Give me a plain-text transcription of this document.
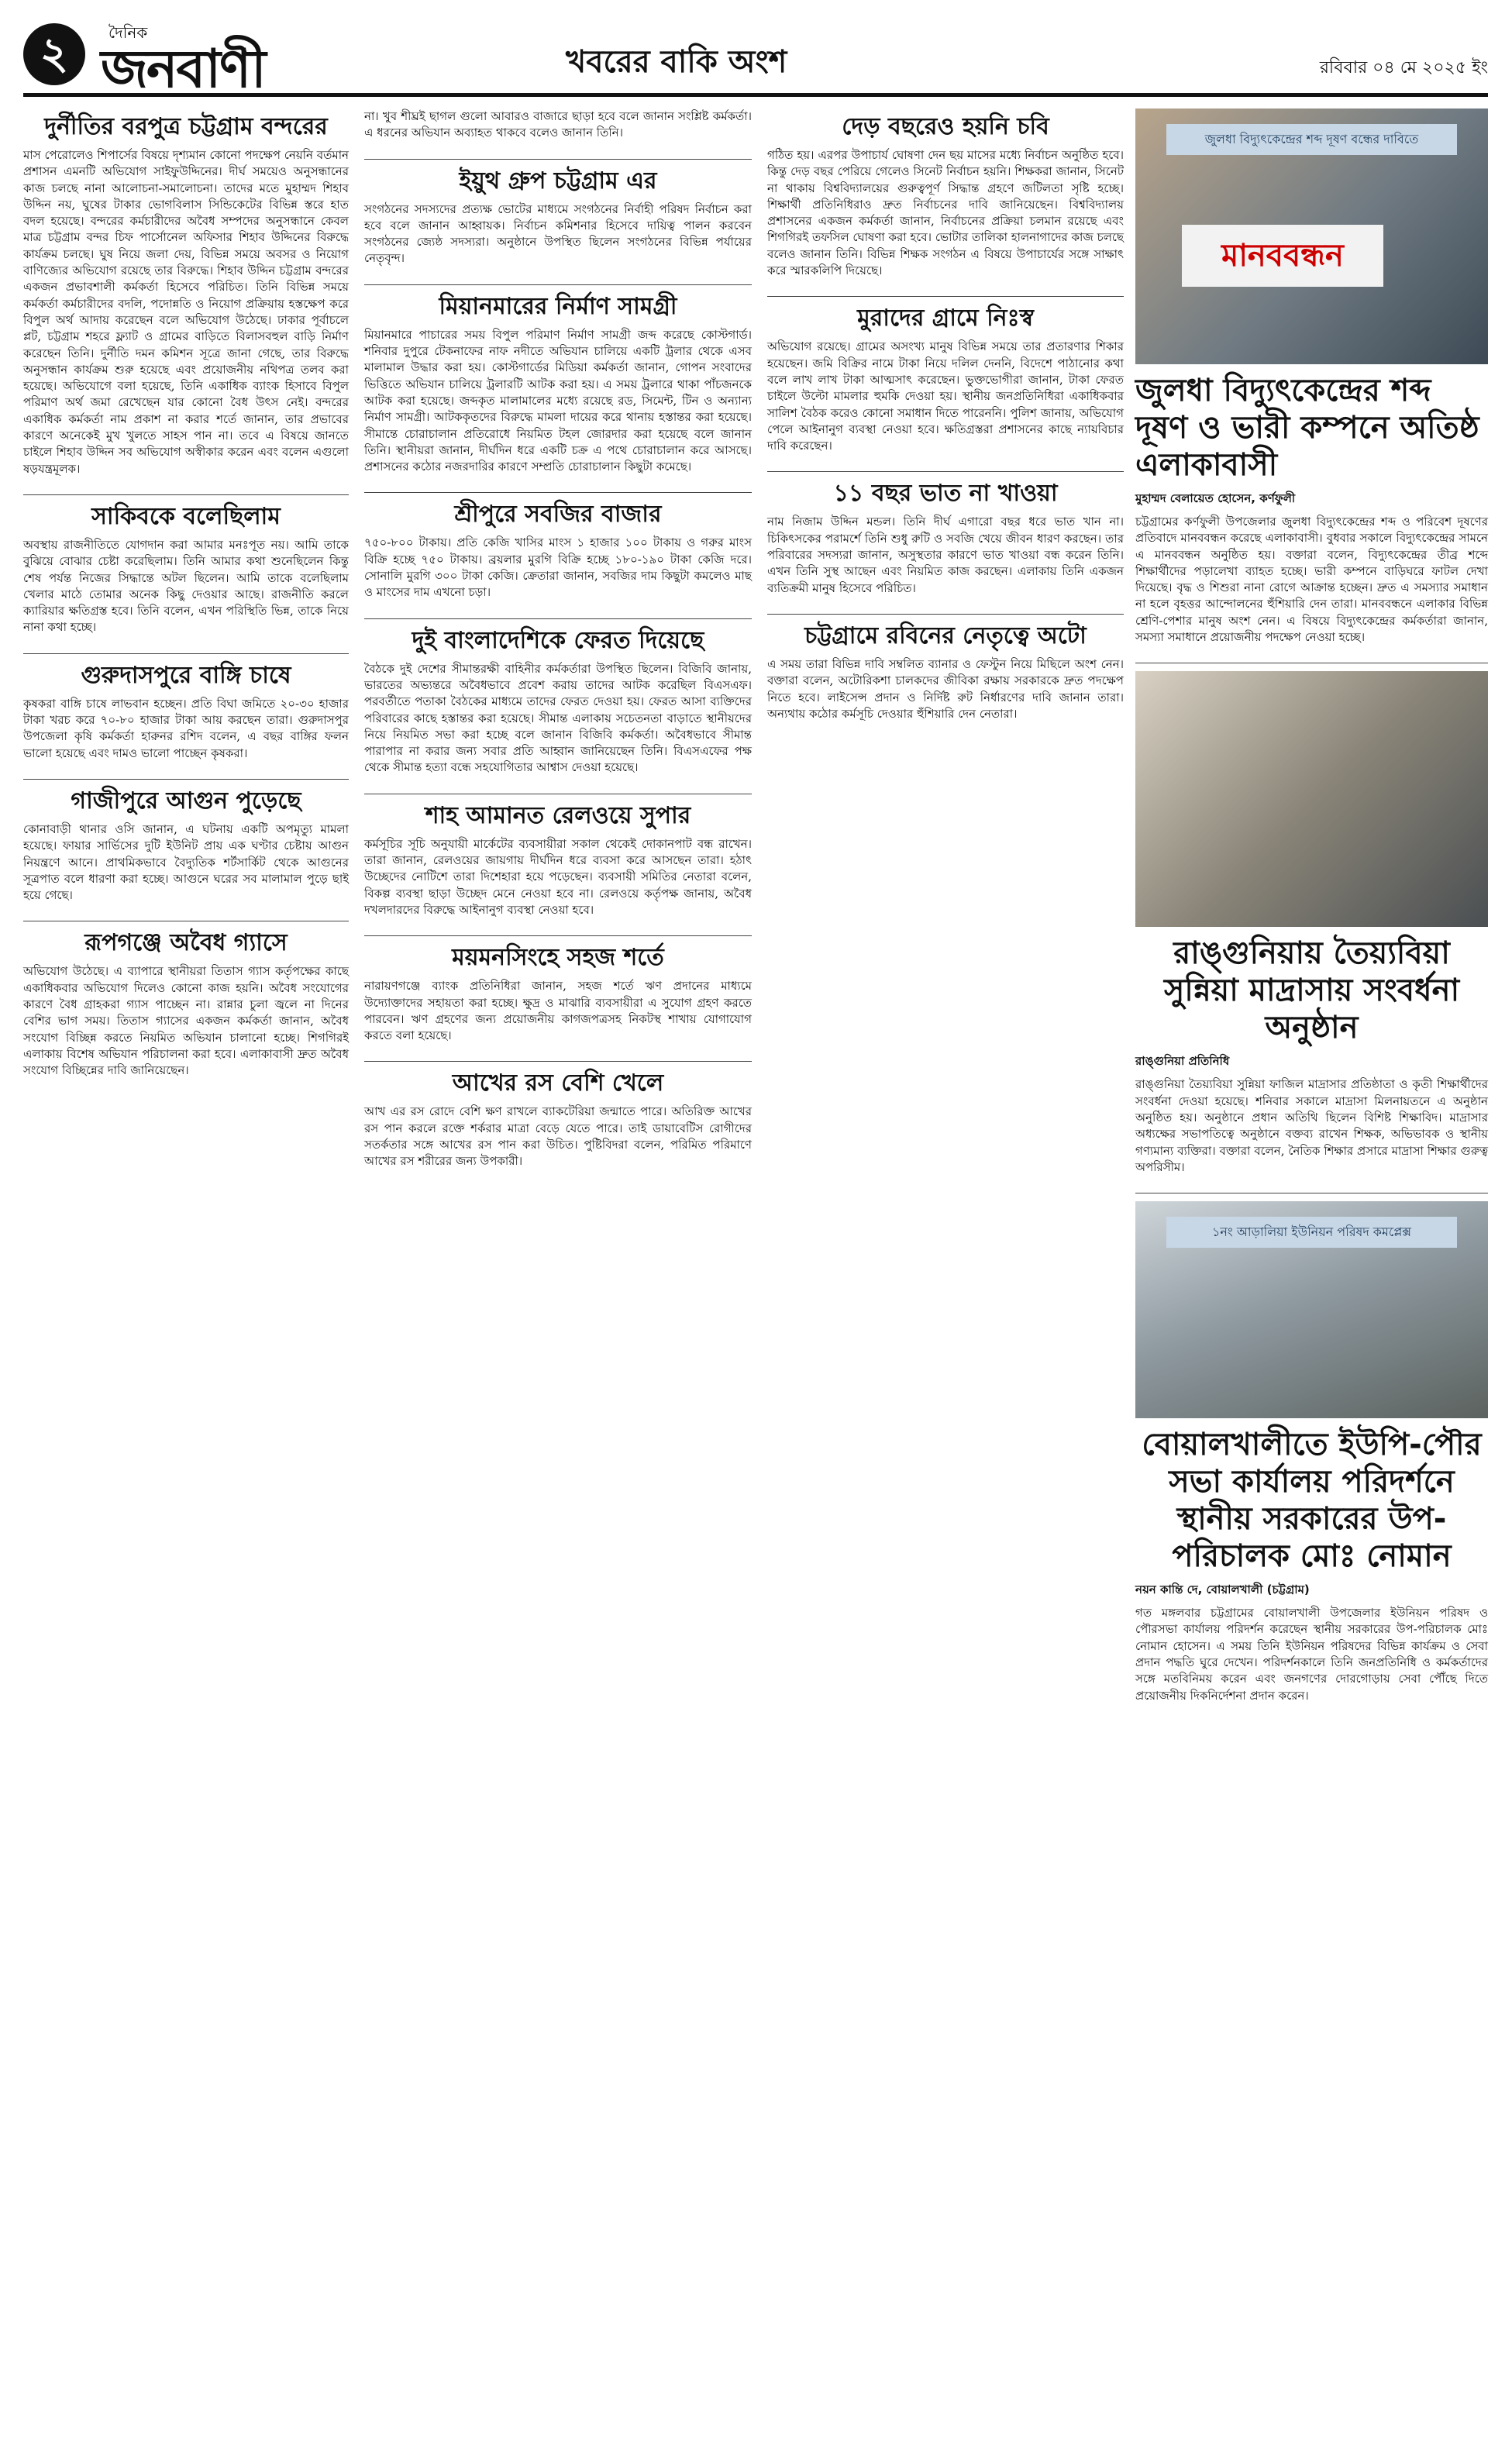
২	দৈনিক
জনবাণী	খবরের বাকি অংশ	রবিবার ০৪ মে ২০২৫ ইং
দুর্নীতির বরপুত্র চট্টগ্রাম বন্দরের
মাস পেরোলেও শিপার্সের বিষয়ে দৃশ্যমান কোনো পদক্ষেপ নেয়নি বর্তমান প্রশাসন এমনটি অভিযোগ সাইফুউদ্দিনের। দীর্ঘ সময়েও অনুসন্ধানের কাজ চলছে নানা আলোচনা-সমালোচনা। তাদের মতে মুহাম্মদ শিহাব উদ্দিন নয়, ঘুষের টাকার ভোগবিলাস সিন্ডিকেটের বিভিন্ন স্তরে হাত বদল হয়েছে। বন্দরের কর্মচারীদের অবৈধ সম্পদের অনুসন্ধানে কেবল মাত্র চট্টগ্রাম বন্দর চিফ পার্সোনেল অফিসার শিহাব উদ্দিনের বিরুদ্ধে কার্যক্রম চলছে। ঘুষ নিয়ে জলা দেয়, বিভিন্ন সময়ে অবসর ও নিয়োগ বাণিজ্যের অভিযোগ রয়েছে তার বিরুদ্ধে। শিহাব উদ্দিন চট্টগ্রাম বন্দরের একজন প্রভাবশালী কর্মকর্তা হিসেবে পরিচিত। তিনি বিভিন্ন সময়ে কর্মকর্তা কর্মচারীদের বদলি, পদোন্নতি ও নিয়োগ প্রক্রিয়ায় হস্তক্ষেপ করে বিপুল অর্থ আদায় করেছেন বলে অভিযোগ উঠেছে। ঢাকার পূর্বাচলে প্লট, চট্টগ্রাম শহরে ফ্ল্যাট ও গ্রামের বাড়িতে বিলাসবহুল বাড়ি নির্মাণ করেছেন তিনি। দুর্নীতি দমন কমিশন সূত্রে জানা গেছে, তার বিরুদ্ধে অনুসন্ধান কার্যক্রম শুরু হয়েছে এবং প্রয়োজনীয় নথিপত্র তলব করা হয়েছে। অভিযোগে বলা হয়েছে, তিনি একাধিক ব্যাংক হিসাবে বিপুল পরিমাণ অর্থ জমা রেখেছেন যার কোনো বৈধ উৎস নেই। বন্দরের একাধিক কর্মকর্তা নাম প্রকাশ না করার শর্তে জানান, তার প্রভাবের কারণে অনেকেই মুখ খুলতে সাহস পান না। তবে এ বিষয়ে জানতে চাইলে শিহাব উদ্দিন সব অভিযোগ অস্বীকার করেন এবং বলেন এগুলো ষড়যন্ত্রমূলক।
সাকিবকে বলেছিলাম
অবস্থায় রাজনীতিতে যোগদান করা আমার মনঃপূত নয়। আমি তাকে বুঝিয়ে বোঝার চেষ্টা করেছিলাম। তিনি আমার কথা শুনেছিলেন কিন্তু শেষ পর্যন্ত নিজের সিদ্ধান্তে অটল ছিলেন। আমি তাকে বলেছিলাম খেলার মাঠে তোমার অনেক কিছু দেওয়ার আছে। রাজনীতি করলে ক্যারিয়ার ক্ষতিগ্রস্ত হবে। তিনি বলেন, এখন পরিস্থিতি ভিন্ন, তাকে নিয়ে নানা কথা হচ্ছে।
গুরুদাসপুরে বাঙ্গি চাষে
কৃষকরা বাঙ্গি চাষে লাভবান হচ্ছেন। প্রতি বিঘা জমিতে ২০-৩০ হাজার টাকা খরচ করে ৭০-৮০ হাজার টাকা আয় করছেন তারা। গুরুদাসপুর উপজেলা কৃষি কর্মকর্তা হারুনর রশিদ বলেন, এ বছর বাঙ্গির ফলন ভালো হয়েছে এবং দামও ভালো পাচ্ছেন কৃষকরা।
গাজীপুরে আগুন পুড়েছে
কোনাবাড়ী থানার ওসি জানান, এ ঘটনায় একটি অপমৃত্যু মামলা হয়েছে। ফায়ার সার্ভিসের দুটি ইউনিট প্রায় এক ঘণ্টার চেষ্টায় আগুন নিয়ন্ত্রণে আনে। প্রাথমিকভাবে বৈদ্যুতিক শর্টসার্কিট থেকে আগুনের সূত্রপাত বলে ধারণা করা হচ্ছে। আগুনে ঘরের সব মালামাল পুড়ে ছাই হয়ে গেছে।
রূপগঞ্জে অবৈধ গ্যাসে
অভিযোগ উঠেছে। এ ব্যাপারে স্থানীয়রা তিতাস গ্যাস কর্তৃপক্ষের কাছে একাধিকবার অভিযোগ দিলেও কোনো কাজ হয়নি। অবৈধ সংযোগের কারণে বৈধ গ্রাহকরা গ্যাস পাচ্ছেন না। রান্নার চুলা জ্বলে না দিনের বেশির ভাগ সময়। তিতাস গ্যাসের একজন কর্মকর্তা জানান, অবৈধ সংযোগ বিচ্ছিন্ন করতে নিয়মিত অভিযান চালানো হচ্ছে। শিগগিরই এলাকায় বিশেষ অভিযান পরিচালনা করা হবে। এলাকাবাসী দ্রুত অবৈধ সংযোগ বিচ্ছিন্নের দাবি জানিয়েছেন।
না। খুব শীঘ্রই ছাগল গুলো আবারও বাজারে ছাড়া হবে বলে জানান সংশ্লিষ্ট কর্মকর্তা। এ ধরনের অভিযান অব্যাহত থাকবে বলেও জানান তিনি।
ইয়ুথ গ্রুপ চট্টগ্রাম এর
সংগঠনের সদস্যদের প্রত্যক্ষ ভোটের মাধ্যমে সংগঠনের নির্বাহী পরিষদ নির্বাচন করা হবে বলে জানান আহ্বায়ক। নির্বাচন কমিশনার হিসেবে দায়িত্ব পালন করবেন সংগঠনের জ্যেষ্ঠ সদস্যরা। অনুষ্ঠানে উপস্থিত ছিলেন সংগঠনের বিভিন্ন পর্যায়ের নেতৃবৃন্দ।
মিয়ানমারের নির্মাণ সামগ্রী
মিয়ানমারে পাচারের সময় বিপুল পরিমাণ নির্মাণ সামগ্রী জব্দ করেছে কোস্টগার্ড। শনিবার দুপুরে টেকনাফের নাফ নদীতে অভিযান চালিয়ে একটি ট্রলার থেকে এসব মালামাল উদ্ধার করা হয়। কোস্টগার্ডের মিডিয়া কর্মকর্তা জানান, গোপন সংবাদের ভিত্তিতে অভিযান চালিয়ে ট্রলারটি আটক করা হয়। এ সময় ট্রলারে থাকা পাঁচজনকে আটক করা হয়েছে। জব্দকৃত মালামালের মধ্যে রয়েছে রড, সিমেন্ট, টিন ও অন্যান্য নির্মাণ সামগ্রী। আটককৃতদের বিরুদ্ধে মামলা দায়ের করে থানায় হস্তান্তর করা হয়েছে। সীমান্তে চোরাচালান প্রতিরোধে নিয়মিত টহল জোরদার করা হয়েছে বলে জানান তিনি। স্থানীয়রা জানান, দীর্ঘদিন ধরে একটি চক্র এ পথে চোরাচালান করে আসছে। প্রশাসনের কঠোর নজরদারির কারণে সম্প্রতি চোরাচালান কিছুটা কমেছে।
শ্রীপুরে সবজির বাজার
৭৫০-৮০০ টাকায়। প্রতি কেজি খাসির মাংস ১ হাজার ১০০ টাকায় ও গরুর মাংস বিক্রি হচ্ছে ৭৫০ টাকায়। ব্রয়লার মুরগি বিক্রি হচ্ছে ১৮০-১৯০ টাকা কেজি দরে। সোনালি মুরগি ৩০০ টাকা কেজি। ক্রেতারা জানান, সবজির দাম কিছুটা কমলেও মাছ ও মাংসের দাম এখনো চড়া।
দুই বাংলাদেশিকে ফেরত দিয়েছে
বৈঠকে দুই দেশের সীমান্তরক্ষী বাহিনীর কর্মকর্তারা উপস্থিত ছিলেন। বিজিবি জানায়, ভারতের অভ্যন্তরে অবৈধভাবে প্রবেশ করায় তাদের আটক করেছিল বিএসএফ। পরবর্তীতে পতাকা বৈঠকের মাধ্যমে তাদের ফেরত দেওয়া হয়। ফেরত আসা ব্যক্তিদের পরিবারের কাছে হস্তান্তর করা হয়েছে। সীমান্ত এলাকায় সচেতনতা বাড়াতে স্থানীয়দের নিয়ে নিয়মিত সভা করা হচ্ছে বলে জানান বিজিবি কর্মকর্তা। অবৈধভাবে সীমান্ত পারাপার না করার জন্য সবার প্রতি আহ্বান জানিয়েছেন তিনি। বিএসএফের পক্ষ থেকে সীমান্ত হত্যা বন্ধে সহযোগিতার আশ্বাস দেওয়া হয়েছে।
শাহ আমানত রেলওয়ে সুপার
কর্মসূচির সূচি অনুযায়ী মার্কেটের ব্যবসায়ীরা সকাল থেকেই দোকানপাট বন্ধ রাখেন। তারা জানান, রেলওয়ের জায়গায় দীর্ঘদিন ধরে ব্যবসা করে আসছেন তারা। হঠাৎ উচ্ছেদের নোটিশে তারা দিশেহারা হয়ে পড়েছেন। ব্যবসায়ী সমিতির নেতারা বলেন, বিকল্প ব্যবস্থা ছাড়া উচ্ছেদ মেনে নেওয়া হবে না। রেলওয়ে কর্তৃপক্ষ জানায়, অবৈধ দখলদারদের বিরুদ্ধে আইনানুগ ব্যবস্থা নেওয়া হবে।
ময়মনসিংহে সহজ শর্তে
নারায়ণগঞ্জে ব্যাংক প্রতিনিধিরা জানান, সহজ শর্তে ঋণ প্রদানের মাধ্যমে উদ্যোক্তাদের সহায়তা করা হচ্ছে। ক্ষুদ্র ও মাঝারি ব্যবসায়ীরা এ সুযোগ গ্রহণ করতে পারবেন। ঋণ গ্রহণের জন্য প্রয়োজনীয় কাগজপত্রসহ নিকটস্থ শাখায় যোগাযোগ করতে বলা হয়েছে।
আখের রস বেশি খেলে
আখ এর রস রোদে বেশি ক্ষণ রাখলে ব্যাকটেরিয়া জন্মাতে পারে। অতিরিক্ত আখের রস পান করলে রক্তে শর্করার মাত্রা বেড়ে যেতে পারে। তাই ডায়াবেটিস রোগীদের সতর্কতার সঙ্গে আখের রস পান করা উচিত। পুষ্টিবিদরা বলেন, পরিমিত পরিমাণে আখের রস শরীরের জন্য উপকারী।
দেড় বছরেও হয়নি চবি
গঠিত হয়। এরপর উপাচার্য ঘোষণা দেন ছয় মাসের মধ্যে নির্বাচন অনুষ্ঠিত হবে। কিন্তু দেড় বছর পেরিয়ে গেলেও সিনেট নির্বাচন হয়নি। শিক্ষকরা জানান, সিনেট না থাকায় বিশ্ববিদ্যালয়ের গুরুত্বপূর্ণ সিদ্ধান্ত গ্রহণে জটিলতা সৃষ্টি হচ্ছে। শিক্ষার্থী প্রতিনিধিরাও দ্রুত নির্বাচনের দাবি জানিয়েছেন। বিশ্ববিদ্যালয় প্রশাসনের একজন কর্মকর্তা জানান, নির্বাচনের প্রক্রিয়া চলমান রয়েছে এবং শিগগিরই তফসিল ঘোষণা করা হবে। ভোটার তালিকা হালনাগাদের কাজ চলছে বলেও জানান তিনি। বিভিন্ন শিক্ষক সংগঠন এ বিষয়ে উপাচার্যের সঙ্গে সাক্ষাৎ করে স্মারকলিপি দিয়েছে।
মুরাদের গ্রামে নিঃস্ব
অভিযোগ রয়েছে। গ্রামের অসংখ্য মানুষ বিভিন্ন সময়ে তার প্রতারণার শিকার হয়েছেন। জমি বিক্রির নামে টাকা নিয়ে দলিল দেননি, বিদেশে পাঠানোর কথা বলে লাখ লাখ টাকা আত্মসাৎ করেছেন। ভুক্তভোগীরা জানান, টাকা ফেরত চাইলে উল্টো মামলার হুমকি দেওয়া হয়। স্থানীয় জনপ্রতিনিধিরা একাধিকবার সালিশ বৈঠক করেও কোনো সমাধান দিতে পারেননি। পুলিশ জানায়, অভিযোগ পেলে আইনানুগ ব্যবস্থা নেওয়া হবে। ক্ষতিগ্রস্তরা প্রশাসনের কাছে ন্যায়বিচার দাবি করেছেন।
১১ বছর ভাত না খাওয়া
নাম নিজাম উদ্দিন মন্ডল। তিনি দীর্ঘ এগারো বছর ধরে ভাত খান না। চিকিৎসকের পরামর্শে তিনি শুধু রুটি ও সবজি খেয়ে জীবন ধারণ করছেন। তার পরিবারের সদস্যরা জানান, অসুস্থতার কারণে ভাত খাওয়া বন্ধ করেন তিনি। এখন তিনি সুস্থ আছেন এবং নিয়মিত কাজ করছেন। এলাকায় তিনি একজন ব্যতিক্রমী মানুষ হিসেবে পরিচিত।
চট্টগ্রামে রবিনের নেতৃত্বে অটো
এ সময় তারা বিভিন্ন দাবি সম্বলিত ব্যানার ও ফেস্টুন নিয়ে মিছিলে অংশ নেন। বক্তারা বলেন, অটোরিকশা চালকদের জীবিকা রক্ষায় সরকারকে দ্রুত পদক্ষেপ নিতে হবে। লাইসেন্স প্রদান ও নির্দিষ্ট রুট নির্ধারণের দাবি জানান তারা। অন্যথায় কঠোর কর্মসূচি দেওয়ার হুঁশিয়ারি দেন নেতারা।
জুলধা বিদ্যুৎকেন্দ্রের শব্দ দূষণ বন্ধের দাবিতে
মানববন্ধন
জুলধা বিদ্যুৎকেন্দ্রের শব্দ দূষণ ও ভারী কম্পনে অতিষ্ঠ এলাকাবাসী
মুহাম্মদ বেলায়েত হোসেন, কর্ণফুলী
চট্টগ্রামের কর্ণফুলী উপজেলার জুলধা বিদ্যুৎকেন্দ্রের শব্দ ও পরিবেশ দূষণের প্রতিবাদে মানববন্ধন করেছে এলাকাবাসী। বুধবার সকালে বিদ্যুৎকেন্দ্রের সামনে এ মানববন্ধন অনুষ্ঠিত হয়। বক্তারা বলেন, বিদ্যুৎকেন্দ্রের তীব্র শব্দে শিক্ষার্থীদের পড়ালেখা ব্যাহত হচ্ছে। ভারী কম্পনে বাড়িঘরে ফাটল দেখা দিয়েছে। বৃদ্ধ ও শিশুরা নানা রোগে আক্রান্ত হচ্ছেন। দ্রুত এ সমস্যার সমাধান না হলে বৃহত্তর আন্দোলনের হুঁশিয়ারি দেন তারা। মানববন্ধনে এলাকার বিভিন্ন শ্রেণি-পেশার মানুষ অংশ নেন। এ বিষয়ে বিদ্যুৎকেন্দ্রের কর্মকর্তারা জানান, সমস্যা সমাধানে প্রয়োজনীয় পদক্ষেপ নেওয়া হচ্ছে।
রাঙ্গুনিয়ায় তৈয়্যবিয়া সুন্নিয়া মাদ্রাসায় সংবর্ধনা অনুষ্ঠান
রাঙ্গুনিয়া প্রতিনিধি
রাঙ্গুনিয়া তৈয়্যবিয়া সুন্নিয়া ফাজিল মাদ্রাসার প্রতিষ্ঠাতা ও কৃতী শিক্ষার্থীদের সংবর্ধনা দেওয়া হয়েছে। শনিবার সকালে মাদ্রাসা মিলনায়তনে এ অনুষ্ঠান অনুষ্ঠিত হয়। অনুষ্ঠানে প্রধান অতিথি ছিলেন বিশিষ্ট শিক্ষাবিদ। মাদ্রাসার অধ্যক্ষের সভাপতিত্বে অনুষ্ঠানে বক্তব্য রাখেন শিক্ষক, অভিভাবক ও স্থানীয় গণ্যমান্য ব্যক্তিরা। বক্তারা বলেন, নৈতিক শিক্ষার প্রসারে মাদ্রাসা শিক্ষার গুরুত্ব অপরিসীম।
১নং আড়ালিয়া ইউনিয়ন পরিষদ কমপ্লেক্স
বোয়ালখালীতে ইউপি-পৌর সভা কার্যালয় পরিদর্শনে স্থানীয় সরকারের উপ-পরিচালক মোঃ নোমান
নয়ন কান্তি দে, বোয়ালখালী (চট্টগ্রাম)
গত মঙ্গলবার চট্টগ্রামের বোয়ালখালী উপজেলার ইউনিয়ন পরিষদ ও পৌরসভা কার্যালয় পরিদর্শন করেছেন স্থানীয় সরকারের উপ-পরিচালক মোঃ নোমান হোসেন। এ সময় তিনি ইউনিয়ন পরিষদের বিভিন্ন কার্যক্রম ও সেবা প্রদান পদ্ধতি ঘুরে দেখেন। পরিদর্শনকালে তিনি জনপ্রতিনিধি ও কর্মকর্তাদের সঙ্গে মতবিনিময় করেন এবং জনগণের দোরগোড়ায় সেবা পৌঁছে দিতে প্রয়োজনীয় দিকনির্দেশনা প্রদান করেন।
